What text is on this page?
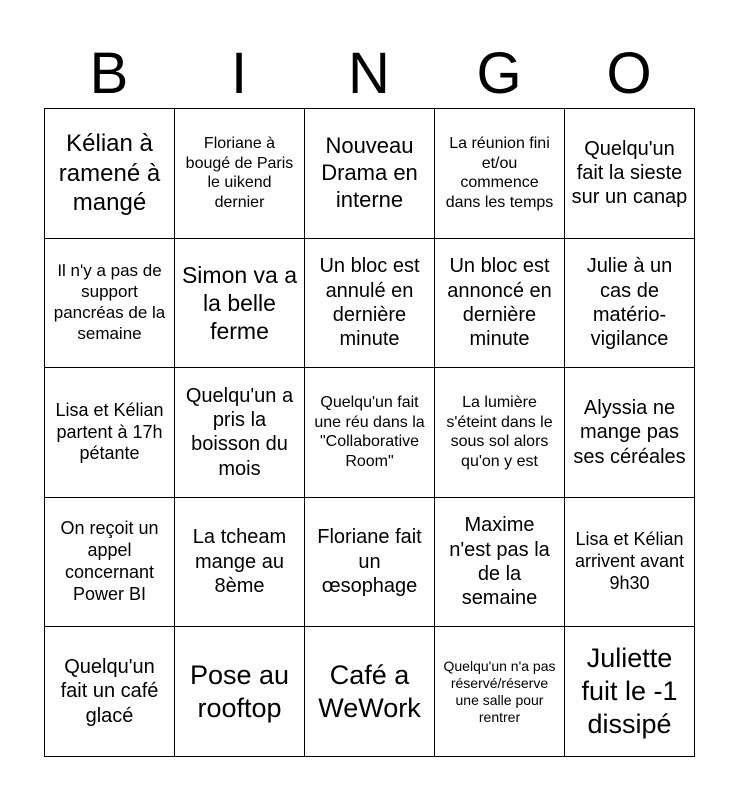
B	I	N	G	O
Kélian à ramené à mangé	Floriane à bougé de Paris le uikend dernier	Nouveau Drama en interne	La réunion fini et/ou commence dans les temps	Quelqu'un fait la sieste sur un canap
Il n'y a pas de support pancréas de la semaine	Simon va a la belle ferme	Un bloc est annulé en dernière minute	Un bloc est annoncé en dernière minute	Julie à un cas de matério-vigilance
Lisa et Kélian partent à 17h pétante	Quelqu'un a pris la boisson du mois	Quelqu'un fait une réu dans la "Collaborative Room"	La lumière s'éteint dans le sous sol alors qu'on y est	Alyssia ne mange pas ses céréales
On reçoit un appel concernant Power BI	La tcheam mange au 8ème	Floriane fait un œsophage	Maxime n'est pas la de la semaine	Lisa et Kélian arrivent avant 9h30
Quelqu'un fait un café glacé	Pose au rooftop	Café a WeWork	Quelqu'un n'a pas réservé/réserve une salle pour rentrer	Juliette fuit le -1 dissipé
